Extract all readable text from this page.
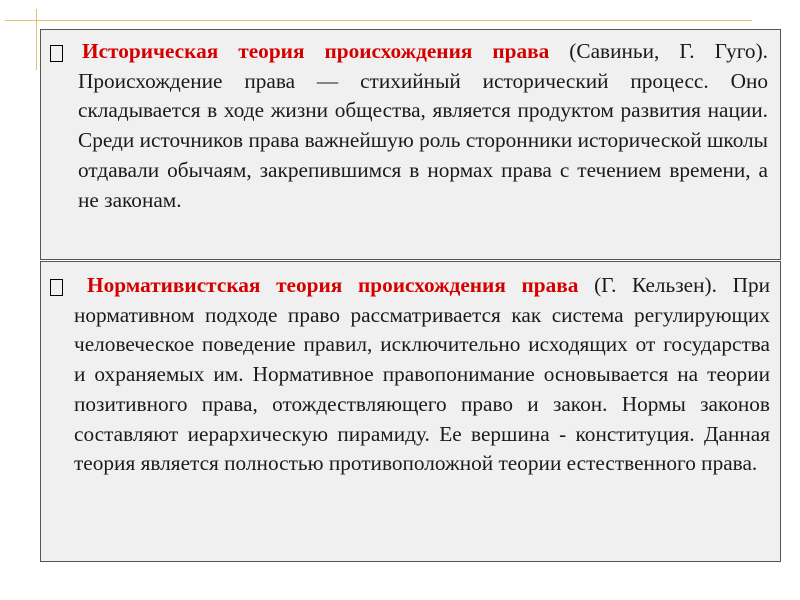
Историческая теория происхождения права (Савиньи, Г. Гуго). Происхождение права — стихийный исторический процесс. Оно складывается в ходе жизни общества, является продуктом развития нации. Среди источников права важнейшую роль сторонники исторической школы отдавали обычаям, закрепившимся в нормах права с течением времени, а не законам.
Нормативистская теория происхождения права (Г. Кельзен). При нормативном подходе право рассматривается как система регулирующих человеческое поведение правил, исключительно исходящих от государства и охраняемых им. Нормативное правопонимание основывается на теории позитивного права, отождествляющего право и закон. Нормы законов составляют иерархическую пирамиду. Ее вершина - конституция. Данная теория является полностью противоположной теории естественного права.
